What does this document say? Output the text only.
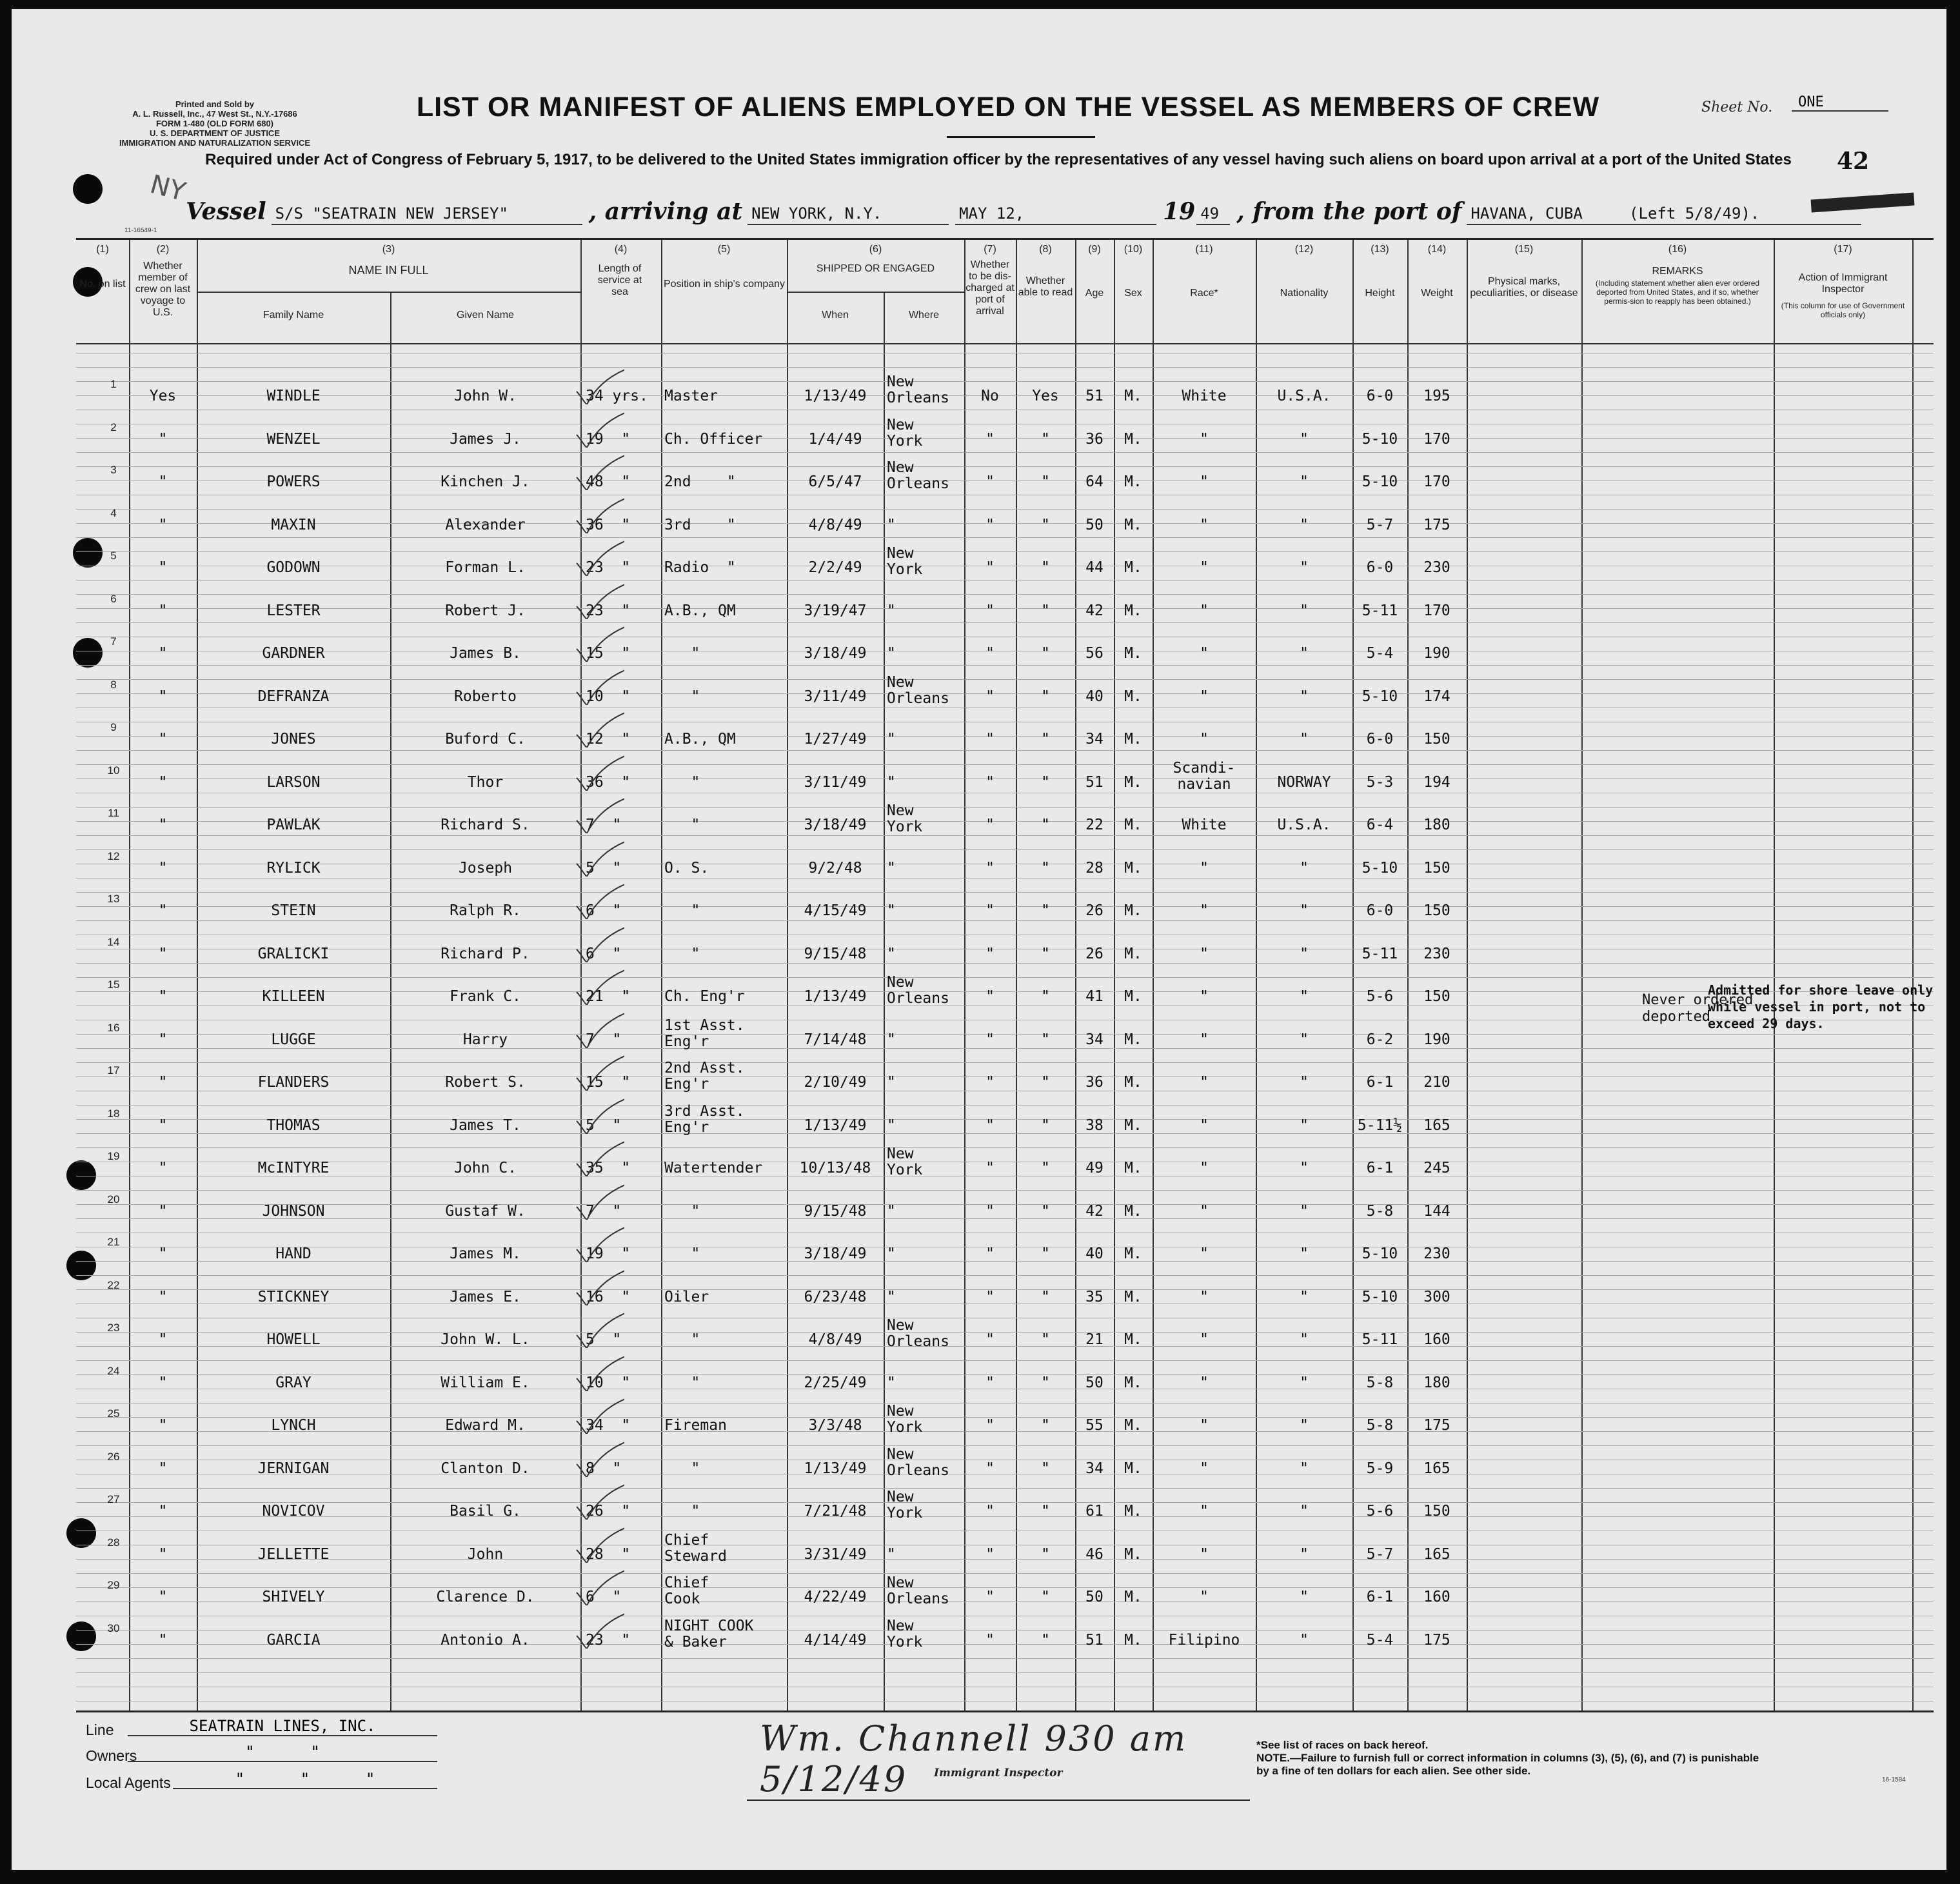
Printed and Sold by
A. L. Russell, Inc., 47 West St., N.Y.-17686
FORM 1-480 (OLD FORM 680)
U. S. DEPARTMENT OF JUSTICE
IMMIGRATION AND NATURALIZATION SERVICE
LIST OR MANIFEST OF ALIENS EMPLOYED ON THE VESSEL AS MEMBERS OF CREW	Sheet No.	ONE
42
Required under Act of Congress of February 5, 1917, to be delivered to the United States immigration officer by the representatives of any vessel having such aliens on board upon arrival at a port of the United States
NY
Vessel S/S "SEATRAIN NEW JERSEY"	, arriving at NEW YORK, N.Y.	MAY 12,	19 49 , from the port of HAVANA, CUBA     (Left 5/8/49).
11-16549-1
(1)	(2)	(3)	(4)	(5)	(6)	(7)	(8)	(9)	(10)	(11)	(12)	(13)	(14)	(15)	(16)	(17)
No. on list
Whether member of crew on last voyage to U.S.
NAME IN FULL
Family Name	Given Name
Length of service at sea
Position in ship's company
SHIPPED OR ENGAGED
When	Where
Whether to be dis-charged at port of arrival
Whether able to read	Age	Sex	Race*	Nationality	Height	Weight
Physical marks, peculiarities, or disease
REMARKS
(Including statement whether alien ever ordered deported from United States, and if so, whether permis-sion to reapply has been obtained.)
Action of Immigrant Inspector
(This column for use of Government officials only)
1
Yes	WINDLE	John W.	34 yrs.	Master	1/13/49
New
Orleans	No	Yes	51	M.	White	U.S.A.	6-0	195
2
"	WENZEL	James J.	19  "	Ch. Officer	1/4/49
New
York	"	"	36	M.	"	"	5-10	170
3
"	POWERS	Kinchen J.	48  "	2nd    "	6/5/47
New
Orleans	"	"	64	M.	"	"	5-10	170
4
"	MAXIN	Alexander	36  "	3rd    "	4/8/49	"	"	"	50	M.	"	"	5-7	175
5
"	GODOWN	Forman L.	23  "	Radio  "	2/2/49
New
York	"	"	44	M.	"	"	6-0	230
6
"	LESTER	Robert J.	23  "	A.B., QM	3/19/47	"	"	"	42	M.	"	"	5-11	170
7
"	GARDNER	James B.	15  "	"	3/18/49	"	"	"	56	M.	"	"	5-4	190
8
"	DEFRANZA	Roberto	10  "	"	3/11/49
New
Orleans	"	"	40	M.	"	"	5-10	174
9
"	JONES	Buford C.	12  "	A.B., QM	1/27/49	"	"	"	34	M.	"	"	6-0	150
10
"	LARSON	Thor	36  "	"	3/11/49	"	"	"	51	M.
Scandi-
navian	NORWAY	5-3	194
11
"	PAWLAK	Richard S.	7  "	"	3/18/49
New
York	"	"	22	M.	White	U.S.A.	6-4	180
12
"	RYLICK	Joseph	5  "	O. S.	9/2/48	"	"	"	28	M.	"	"	5-10	150
13
"	STEIN	Ralph R.	6  "	"	4/15/49	"	"	"	26	M.	"	"	6-0	150
14
"	GRALICKI	Richard P.	6  "	"	9/15/48	"	"	"	26	M.	"	"	5-11	230
15
"	KILLEEN	Frank C.	21  "	Ch. Eng'r	1/13/49
New
Orleans	"	"	41	M.	"	"	5-6	150
16
"	LUGGE	Harry	7  "
1st Asst.
Eng'r	7/14/48	"	"	"	34	M.	"	"	6-2	190
17
"	FLANDERS	Robert S.	15  "
2nd Asst.
Eng'r	2/10/49	"	"	"	36	M.	"	"	6-1	210
18
"	THOMAS	James T.	5  "
3rd Asst.
Eng'r	1/13/49	"	"	"	38	M.	"	"	5-11½	165
19
"	McINTYRE	John C.	35  "	Watertender	10/13/48
New
York	"	"	49	M.	"	"	6-1	245
20
"	JOHNSON	Gustaf W.	7  "	"	9/15/48	"	"	"	42	M.	"	"	5-8	144
21
"	HAND	James M.	19  "	"	3/18/49	"	"	"	40	M.	"	"	5-10	230
22
"	STICKNEY	James E.	16  "	Oiler	6/23/48	"	"	"	35	M.	"	"	5-10	300
23
"	HOWELL	John W. L.	5  "	"	4/8/49
New
Orleans	"	"	21	M.	"	"	5-11	160
24
"	GRAY	William E.	10  "	"	2/25/49	"	"	"	50	M.	"	"	5-8	180
25
"	LYNCH	Edward M.	34  "	Fireman	3/3/48
New
York	"	"	55	M.	"	"	5-8	175
26
"	JERNIGAN	Clanton D.	8  "	"	1/13/49
New
Orleans	"	"	34	M.	"	"	5-9	165
27
"	NOVICOV	Basil G.	26  "	"	7/21/48
New
York	"	"	61	M.	"	"	5-6	150
28
"	JELLETTE	John	28  "
Chief
Steward	3/31/49	"	"	"	46	M.	"	"	5-7	165
29
"	SHIVELY	Clarence D.	6  "
Chief
Cook	4/22/49
New
Orleans	"	"	50	M.	"	"	6-1	160
30
"	GARCIA	Antonio A.	23  "
NIGHT COOK
& Baker	4/14/49
New
York	"	"	51	M.	Filipino	"	5-4	175
Never ordered
deported
Admitted for shore leave only
while vessel in port, not to
exceed 29 days.
Line	SEATRAIN LINES, INC.
Owners	"      "
Local Agents	"      "      "
Wm. Channell 930 am 5/12/49	Immigrant Inspector
*See list of races on back hereof.
NOTE.—Failure to furnish full or correct information in columns (3), (5), (6), and (7) is punishable by a fine of ten dollars for each alien. See other side.
16-1584
